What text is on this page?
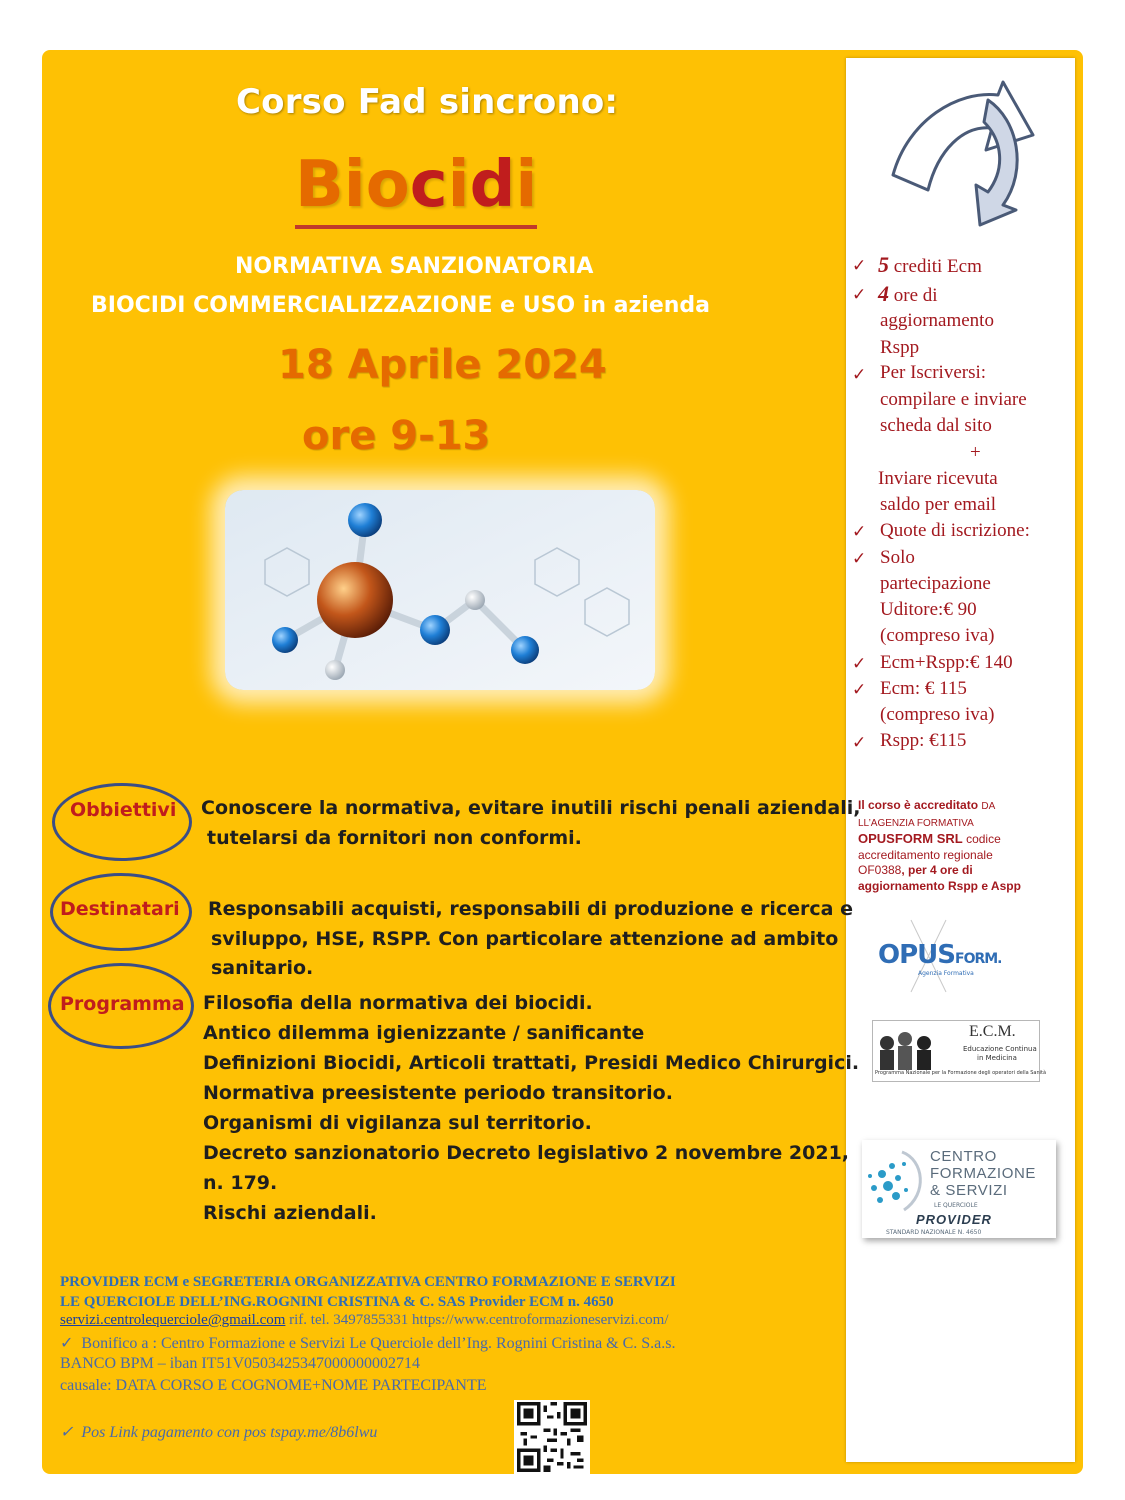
Corso Fad sincrono:
Biocidi
NORMATIVA SANZIONATORIA
BIOCIDI COMMERCIALIZZAZIONE e USO in azienda
18 Aprile 2024
ore 9-13
Obbiettivi Conoscere la normativa, evitare inutili rischi penali aziendali,
tutelarsi da fornitori non conformi.
Destinatari Responsabili acquisti, responsabili di produzione e ricerca e
sviluppo, HSE, RSPP. Con particolare attenzione ad ambito
sanitario.
Programma Filosofia della normativa dei biocidi.
Antico dilemma igienizzante / sanificante
Definizioni Biocidi, Articoli trattati, Presidi Medico Chirurgici.
Normativa preesistente periodo transitorio.
Organismi di vigilanza sul territorio.
Decreto sanzionatorio Decreto legislativo 2 novembre 2021,
n. 179.
Rischi aziendali.
✓ 5 crediti Ecm
✓ 4 ore di
aggiornamento
Rspp
✓ Per Iscriversi:
compilare e inviare
scheda dal sito
+
Inviare ricevuta
saldo per email
✓ Quote di iscrizione:
✓ Solo
partecipazione
Uditore:€ 90
(compreso iva)
✓ Ecm+Rspp:€ 140
✓ Ecm: € 115
(compreso iva)
✓ Rspp: €115
Il corso è accreditato DA
LL’AGENZIA FORMATIVA
OPUSFORM SRL codice
accreditamento regionale
OF0388, per 4 ore di
aggiornamento Rspp e Aspp
OPUSFORM.
Agenzia Formativa
E.C.M.
Educazione Continua
in Medicina
Programma Nazionale per la Formazione degli operatori della Sanità
CENTRO
FORMAZIONE
& SERVIZI
LE QUERCIOLE
PROVIDER
STANDARD NAZIONALE N. 4650
PROVIDER ECM e SEGRETERIA ORGANIZZATIVA CENTRO FORMAZIONE E SERVIZI
LE QUERCIOLE DELL’ING.ROGNINI CRISTINA & C. SAS Provider ECM n. 4650
servizi.centrolequerciole@gmail.com rif. tel. 3497855331 https://www.centroformazioneservizi.com/
✓ Bonifico a : Centro Formazione e Servizi Le Querciole dell’Ing. Rognini Cristina & C. S.a.s.
BANCO BPM – iban IT51V0503425347000000002714
causale: DATA CORSO E COGNOME+NOME PARTECIPANTE
✓ Pos Link pagamento con pos tspay.me/8b6lwu
